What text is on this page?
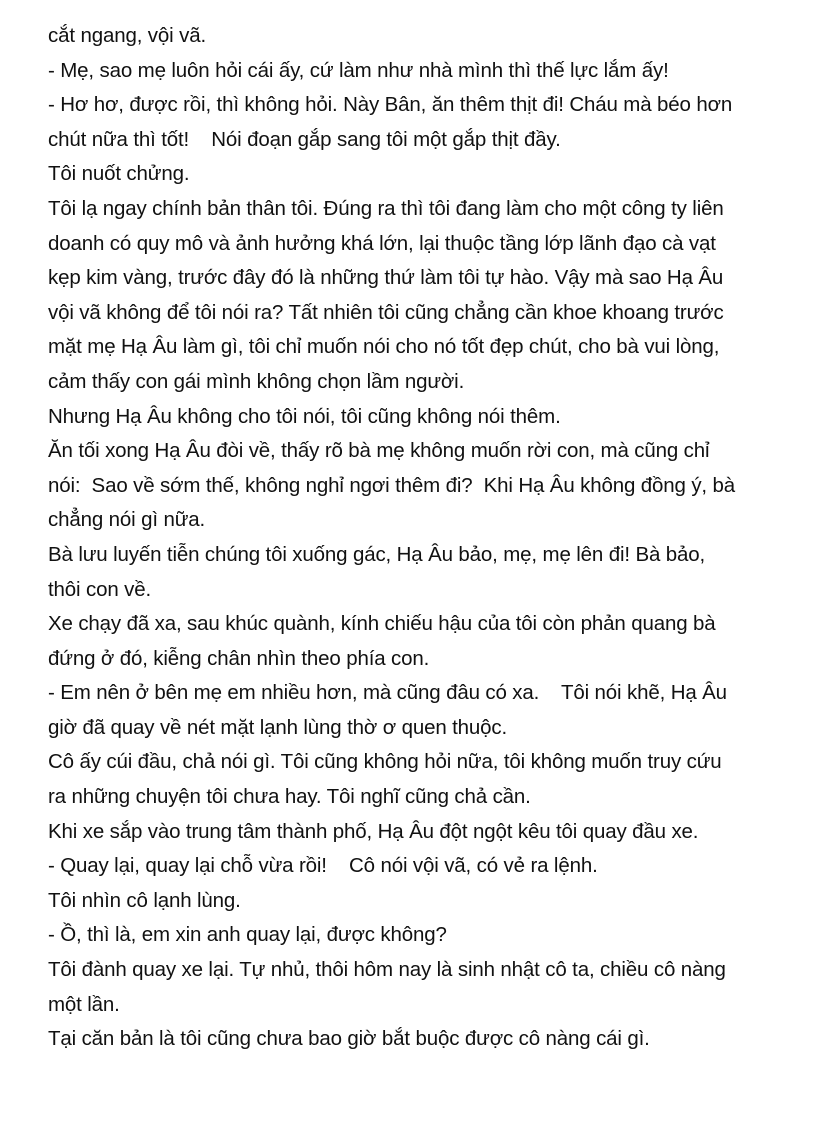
cắt ngang, vội vã.
- Mẹ, sao mẹ luôn hỏi cái ấy, cứ làm như nhà mình thì thế lực lắm ấy!
- Hơ hơ, được rồi, thì không hỏi. Này Bân, ăn thêm thịt đi! Cháu mà béo hơn
chút nữa thì tốt!    Nói đoạn gắp sang tôi một gắp thịt đầy.
Tôi nuốt chửng.
Tôi lạ ngay chính bản thân tôi. Đúng ra thì tôi đang làm cho một công ty liên
doanh có quy mô và ảnh hưởng khá lớn, lại thuộc tầng lớp lãnh đạo cà vạt
kẹp kim vàng, trước đây đó là những thứ làm tôi tự hào. Vậy mà sao Hạ Âu
vội vã không để tôi nói ra? Tất nhiên tôi cũng chẳng cần khoe khoang trước
mặt mẹ Hạ Âu làm gì, tôi chỉ muốn nói cho nó tốt đẹp chút, cho bà vui lòng,
cảm thấy con gái mình không chọn lầm người.
Nhưng Hạ Âu không cho tôi nói, tôi cũng không nói thêm.
Ăn tối xong Hạ Âu đòi về, thấy rõ bà mẹ không muốn rời con, mà cũng chỉ
nói:  Sao về sớm thế, không nghỉ ngơi thêm đi?  Khi Hạ Âu không đồng ý, bà
chẳng nói gì nữa.
Bà lưu luyến tiễn chúng tôi xuống gác, Hạ Âu bảo, mẹ, mẹ lên đi! Bà bảo,
thôi con về.
Xe chạy đã xa, sau khúc quành, kính chiếu hậu của tôi còn phản quang bà
đứng ở đó, kiễng chân nhìn theo phía con.
- Em nên ở bên mẹ em nhiều hơn, mà cũng đâu có xa.    Tôi nói khẽ, Hạ Âu
giờ đã quay về nét mặt lạnh lùng thờ ơ quen thuộc.
Cô ấy cúi đầu, chả nói gì. Tôi cũng không hỏi nữa, tôi không muốn truy cứu
ra những chuyện tôi chưa hay. Tôi nghĩ cũng chả cần.
Khi xe sắp vào trung tâm thành phố, Hạ Âu đột ngột kêu tôi quay đầu xe.
- Quay lại, quay lại chỗ vừa rồi!    Cô nói vội vã, có vẻ ra lệnh.
Tôi nhìn cô lạnh lùng.
- Ồ, thì là, em xin anh quay lại, được không?
Tôi đành quay xe lại. Tự nhủ, thôi hôm nay là sinh nhật cô ta, chiều cô nàng
một lần.
Tại căn bản là tôi cũng chưa bao giờ bắt buộc được cô nàng cái gì.
